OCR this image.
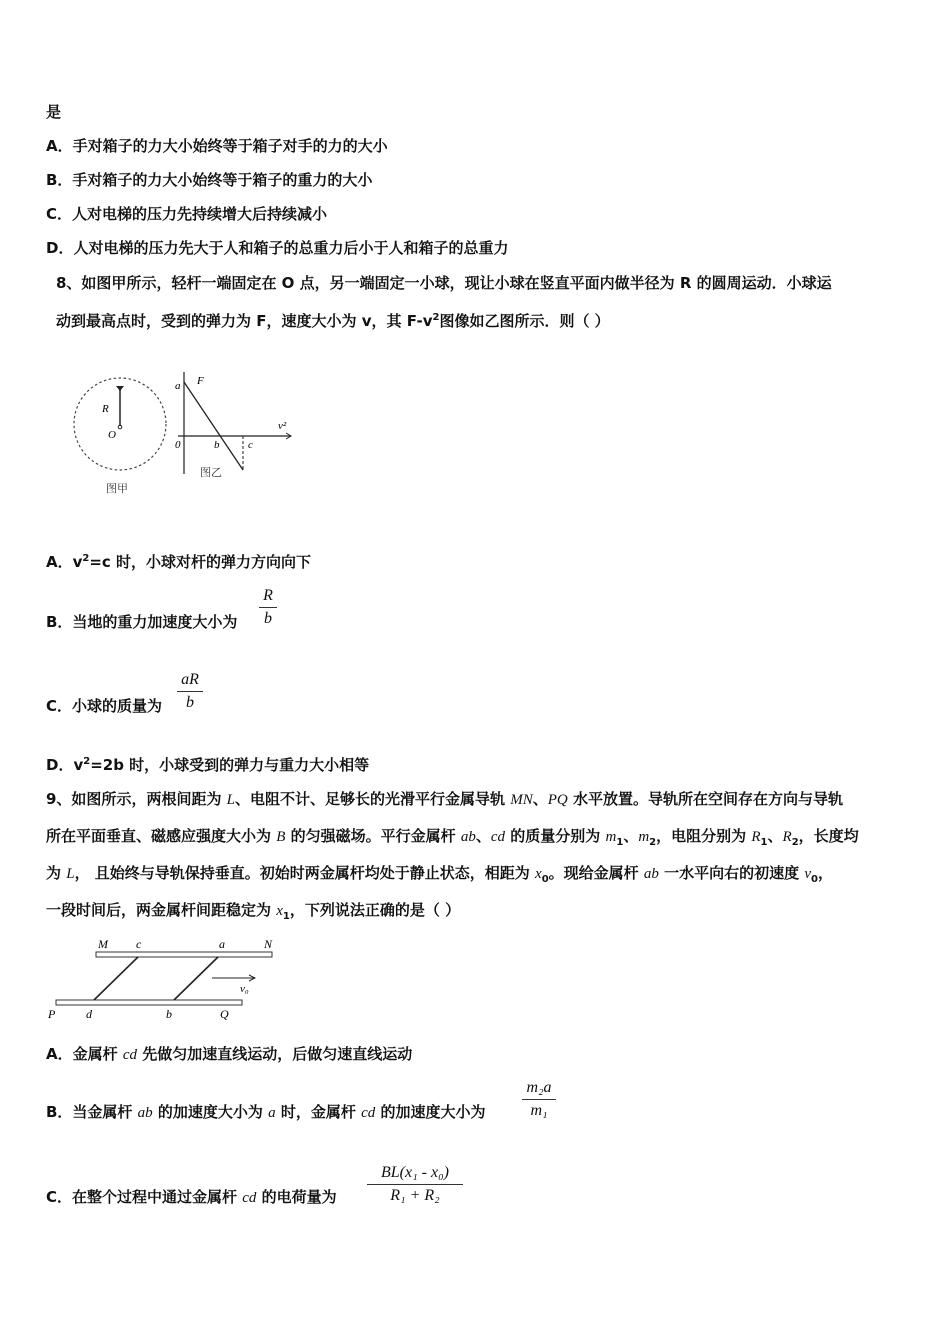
是
A．手对箱子的力大小始终等于箱子对手的力的大小
B．手对箱子的力大小始终等于箱子的重力的大小
C．人对电梯的压力先持续增大后持续减小
D．人对电梯的压力先大于人和箱子的总重力后小于人和箱子的总重力
8、如图甲所示，轻杆一端固定在 O 点，另一端固定一小球，现让小球在竖直平面内做半径为 R 的圆周运动．小球运
动到最高点时，受到的弹力为 F，速度大小为 v，其 $F-v^2$图像如乙图所示．则（ ）
R
O
图甲
a F
v²
0	b	c
图乙
A．$v^2=c$ 时，小球对杆的弹力方向向下
B．当地的重力加速度大小为
R
b
C．小球的质量为
aR
b
D．$v^2=2b$ 时，小球受到的弹力与重力大小相等
9、如图所示，两根间距为 L、电阻不计、足够长的光滑平行金属导轨 MN、PQ 水平放置。导轨所在空间存在方向与导轨
所在平面垂直、磁感应强度大小为 B 的匀强磁场。平行金属杆 ab、cd 的质量分别为 $m_1$、$m_2$，电阻分别为 $R_1$、$R_2$，长度均
为 L， 且始终与导轨保持垂直。初始时两金属杆均处于静止状态，相距为 $x_0$。现给金属杆 ab 一水平向右的初速度 $v_0$，
一段时间后，两金属杆间距稳定为 $x_1$，下列说法正确的是（ ）
M c	a	N
v₀
P	d	b	Q
A．金属杆 cd 先做匀加速直线运动，后做匀速直线运动
B．当金属杆 ab 的加速度大小为 a 时，金属杆 cd 的加速度大小为
m₂a
m₁
C．在整个过程中通过金属杆 cd 的电荷量为
BL(x₁ - x₀)
R₁ + R₂
